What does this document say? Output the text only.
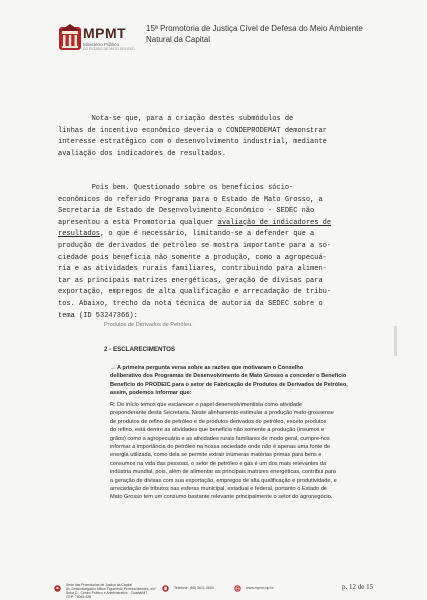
MPMT
Ministério Público
DO ESTADO DE MATO GROSSO
15ª Promotoria de Justiça Cível de Defesa do Meio Ambiente Natural da Capital
Nota-se que, para a criação destes submódulos de
linhas de incentivo econômico deveria o CONDEPRODEMAT demonstrar
interesse estratégico com o desenvolvimento industrial, mediante
avaliação dos indicadores de resultados.
Pois bem. Questionado sobre os benefícios sócio-
econômicos do referido Programa para o Estado de Mato Grosso, a
Secretaria de Estado de Desenvolvimento Econômico - SEDEC não
apresentou a esta Promotoria qualquer avaliação de indicadores de
resultados, o que é necessário, limitando-se a defender que a
produção de derivados de petróleo se mostra importante para a so-
ciedade pois beneficia não somente a produção, como a agropecuá-
ria e as atividades rurais familiares, contribuindo para alimen-
tar as principais matrizes energéticas, geração de divisas para
exportação, empregos de alta qualificação e arrecadação de tribu-
tos. Abaixo, trecho da nota técnica de autoria da SEDEC sobre o
tema (ID 53247366):
Produtos de Derivados de Petróleo.
2 - ESCLARECIMENTOS
→ A primeira pergunta versa sobre as razões que motivaram o Conselho
deliberativo dos Programas de Desenvolvimento de Mato Grosso a conceder o Benefício
Benefício do PRODEIC para o setor de Fabricação de Produtos de Derivados de Petróleo,
assim, podemos informar que:
R: De início temos que esclarecer o papel desenvolvimentista como atividade
preponderante desta Secretaria. Neste alinhamento estimular a produção mato-grossense
de produtos de refino de petróleo e de produtos derivados do petróleo, exceto produtos
do refino, está dentre as atividades que beneficia não somente a produção (insumos e
grãos) como a agropecuária e as atividades rurais familiares de modo geral, cumpre-nos
informar a importância do petróleo na nossa sociedade onde não é apenas uma fonte de
energia utilizada, como dela se permite extrair inúmeras matérias primas para bens e
consumos na vida das pessoas, o setor de petróleo e gás é um dos mais relevantes da
indústria mundial, pois, além de alimentar as principais matrizes energéticas, contribui para
a geração de divisas com sua exportação, empregos de alta qualificação e produtividade, e
arrecadação de tributos nas esferas municipal, estadual e federal, portanto o Estado de
Mato Grosso tem um consumo bastante relevante principalmente o setor do agronegócio.
Sede das Promotorias de Justiça da Capital
Av. Desembargador Milton Figueiredo Ferreira Mendes, s/nº
Setor D - Centro Político e Administrativo - Cuiabá/MT
CEP: 78049-928
Telefone: (65) 3611-0600	www.mpmt.mp.br	p. 12 de 15
